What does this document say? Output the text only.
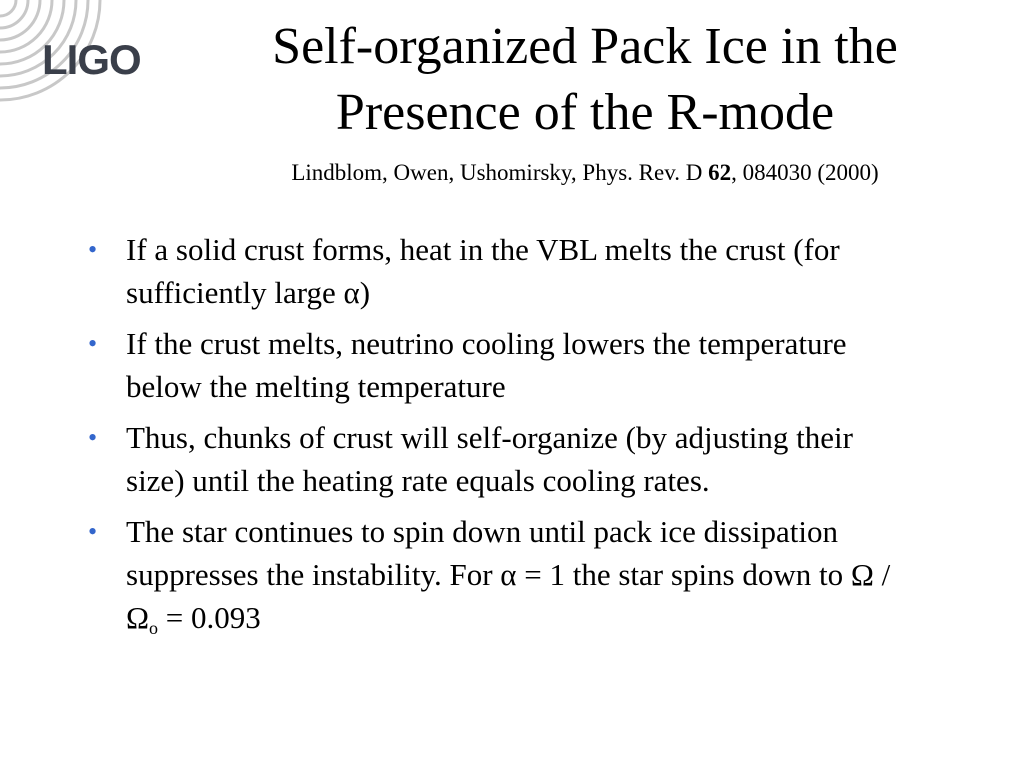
LIGO	Self-organized Pack Ice in the
Presence of the R-mode
Lindblom, Owen, Ushomirsky, Phys. Rev. D 62, 084030 (2000)
• If a solid crust forms, heat in the VBL melts the crust (for sufficiently large α)
• If the crust melts, neutrino cooling lowers the temperature below the melting temperature
• Thus, chunks of crust will self-organize (by adjusting their size) until the heating rate equals cooling rates.
• The star continues to spin down until pack ice dissipation suppresses the instability. For α = 1 the star spins down to Ω $/\Omega_o = 0.093$
